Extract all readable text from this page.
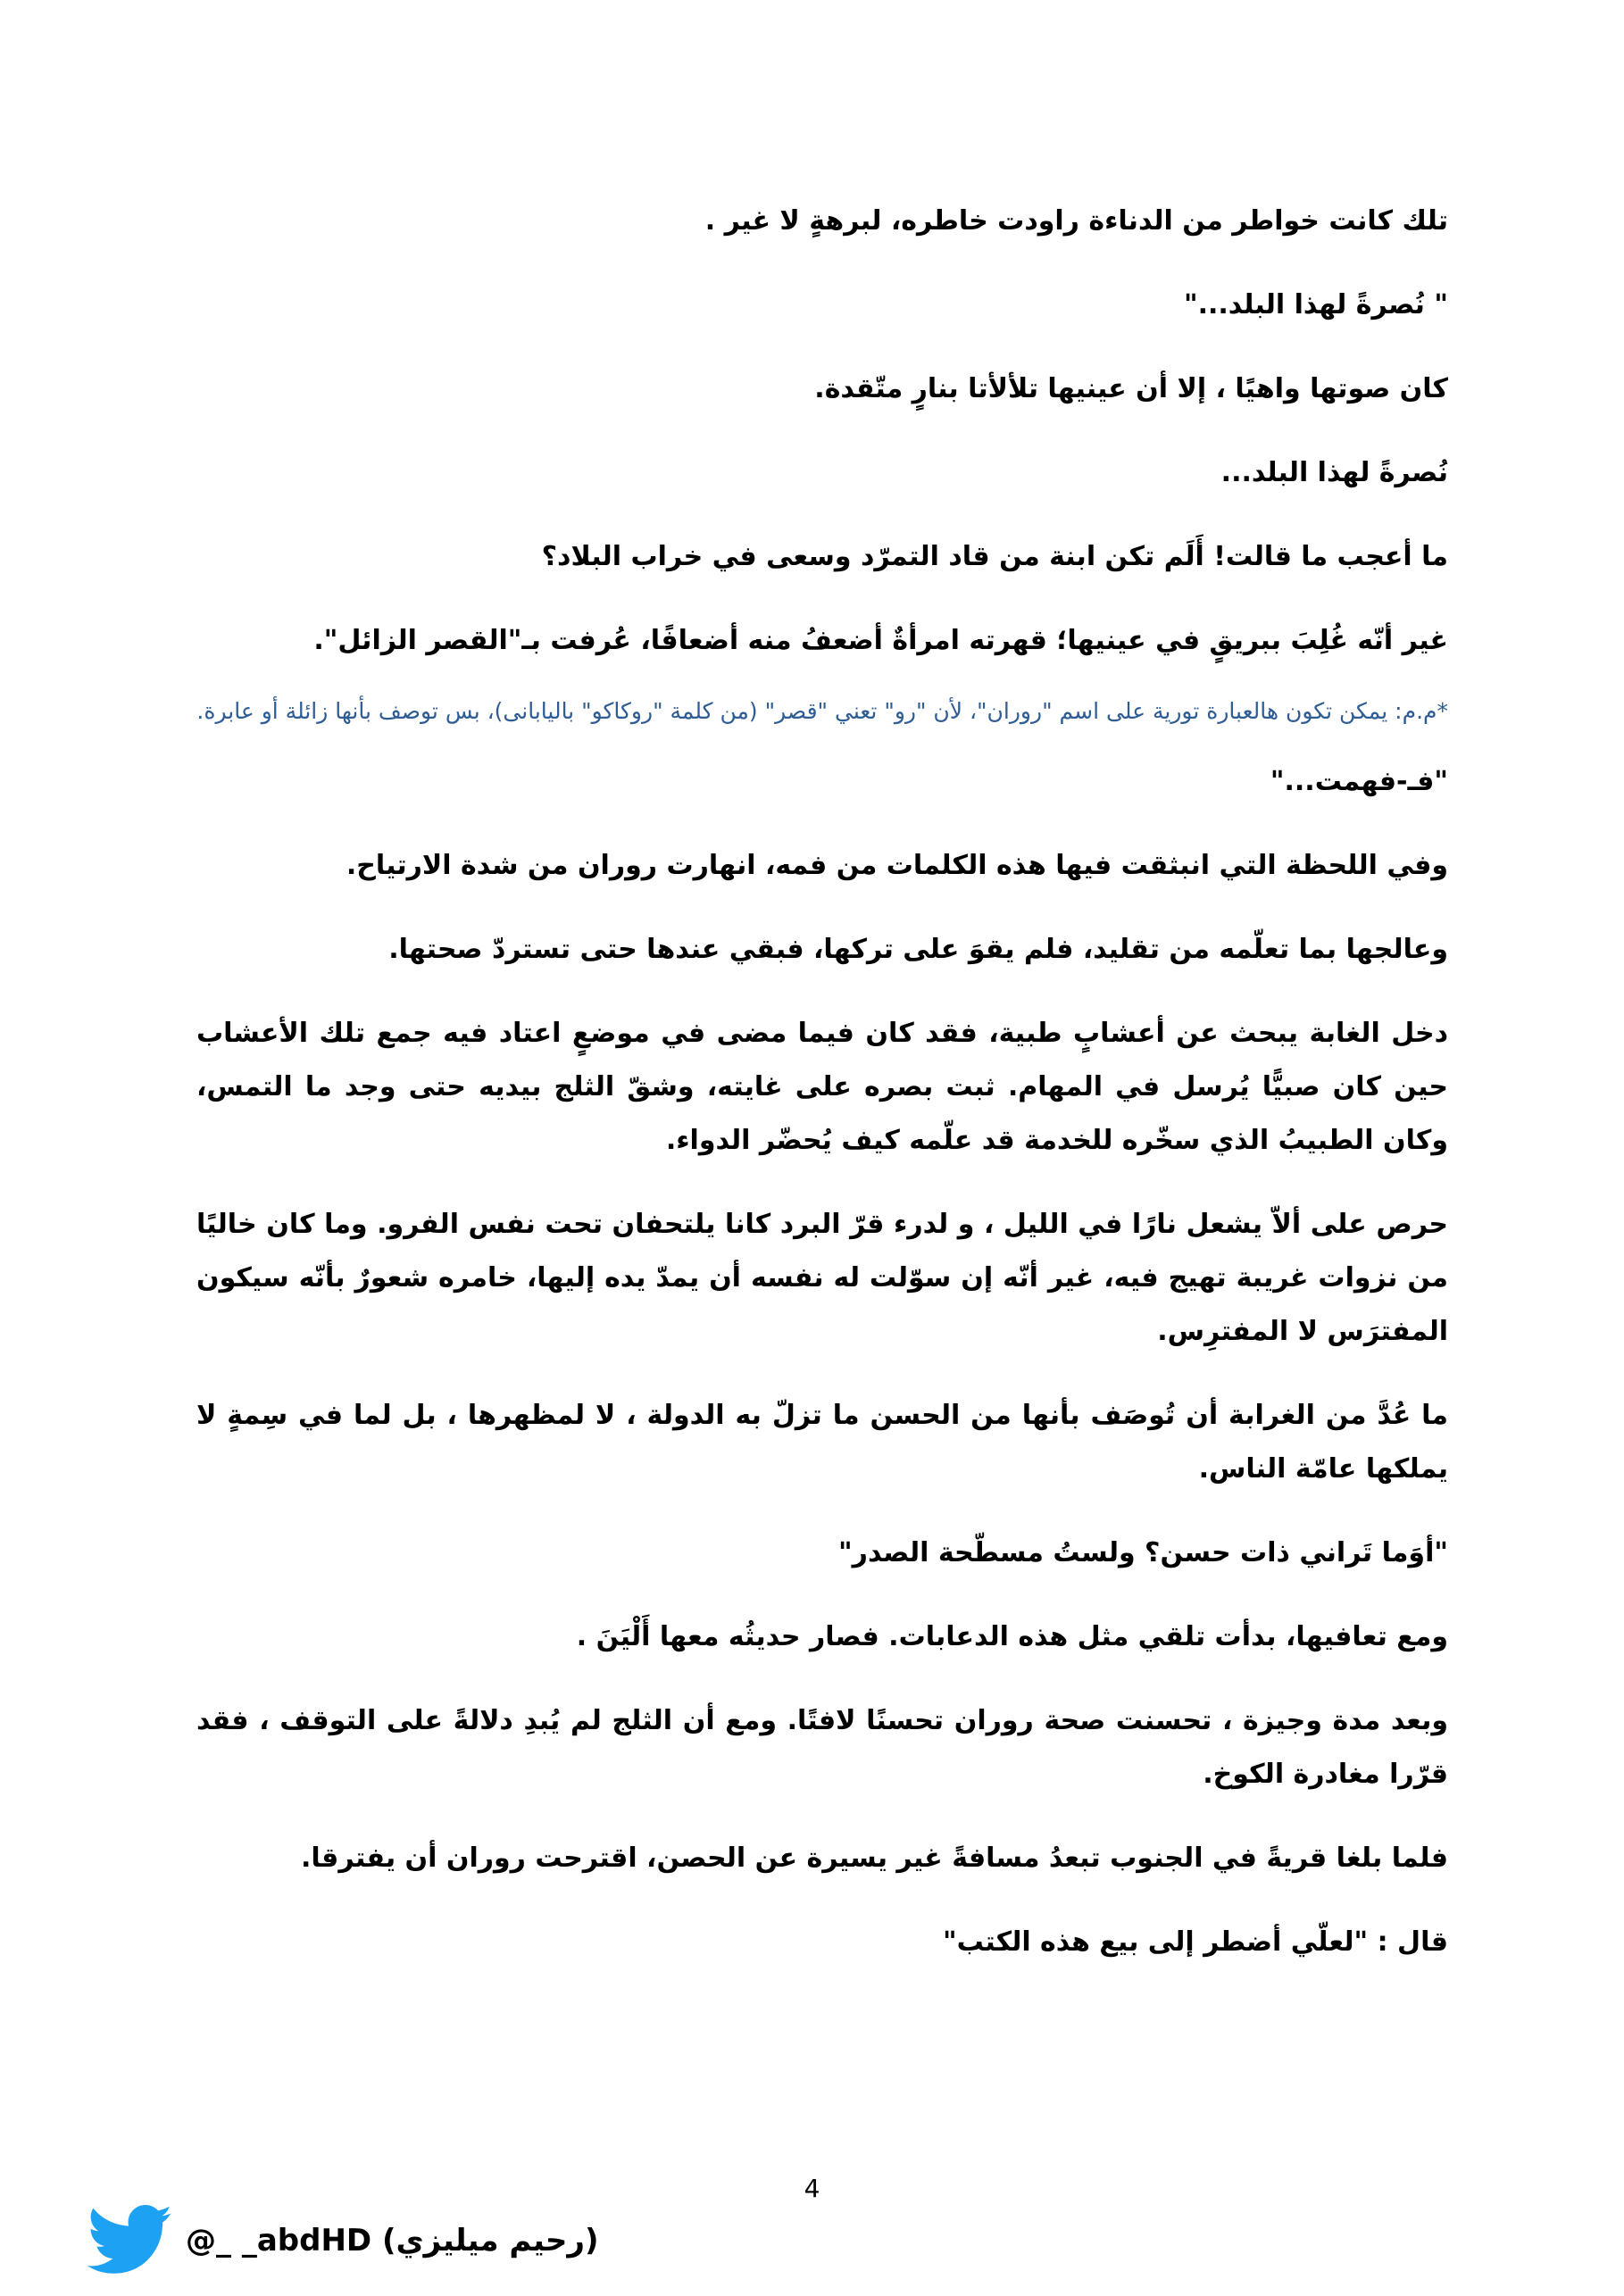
تلك كانت خواطر من الدناءة راودت خاطره، لبرهةٍ لا غير .

" نُصرةً لهذا البلد..."

كان صوتها واهيًا ، إلا أن عينيها تلألأتا بنارٍ متّقدة.

نُصرةً لهذا البلد...

ما أعجب ما قالت! أَلَم تكن ابنة من قاد التمرّد وسعى في خراب البلاد؟

غير أنّه غُلِبَ ببريقٍ في عينيها؛ قهرته امرأةٌ أضعفُ منه أضعافًا، عُرفت بـ"القصر الزائل".

*م.م: يمكن تكون هالعبارة تورية على اسم "روران"، لأن "رو" تعني "قصر" (من كلمة "روكاكو" باليابانى)، بس توصف بأنها زائلة أو عابرة.

"فـ-فهمت..."

وفي اللحظة التي انبثقت فيها هذه الكلمات من فمه، انهارت روران من شدة الارتياح.

وعالجها بما تعلّمه من تقليد، فلم يقوَ على تركها، فبقي عندها حتى تستردّ صحتها.

دخل الغابة يبحث عن أعشابٍ طبية، فقد كان فيما مضى في موضعٍ اعتاد فيه جمع تلك الأعشاب حين كان صبيًّا يُرسل في المهام. ثبت بصره على غايته، وشقّ الثلج بيديه حتى وجد ما التمس، وكان الطبيبُ الذي سخّره للخدمة قد علّمه كيف يُحضّر الدواء.

حرص على ألاّ يشعل نارًا في الليل ، و لدرء قرّ البرد كانا يلتحفان تحت نفس الفرو. وما كان خاليًا من نزوات غريبة تهيج فيه، غير أنّه إن سوّلت له نفسه أن يمدّ يده إليها، خامره شعورٌ بأنّه سيكون المفترَس لا المفترِس.

ما عُدَّ من الغرابة أن تُوصَف بأنها من الحسن ما تزلّ به الدولة ، لا لمظهرها ، بل لما في سِمةٍ لا يملكها عامّة الناس.

"أوَما تَراني ذات حسن؟ ولستُ مسطّحة الصدر"

ومع تعافيها، بدأت تلقي مثل هذه الدعابات. فصار حديثُه معها أَلْيَنَ .

وبعد مدة وجيزة ، تحسنت صحة روران تحسنًا لافتًا. ومع أن الثلج لم يُبدِ دلالةً على التوقف ، فقد قرّرا مغادرة الكوخ.

فلما بلغا قريةً في الجنوب تبعدُ مسافةً غير يسيرة عن الحصن، اقترحت روران أن يفترقا.

قال : "لعلّي أضطر إلى بيع هذه الكتب"

4
@_ _abdHD (رحيم ميليزي)
